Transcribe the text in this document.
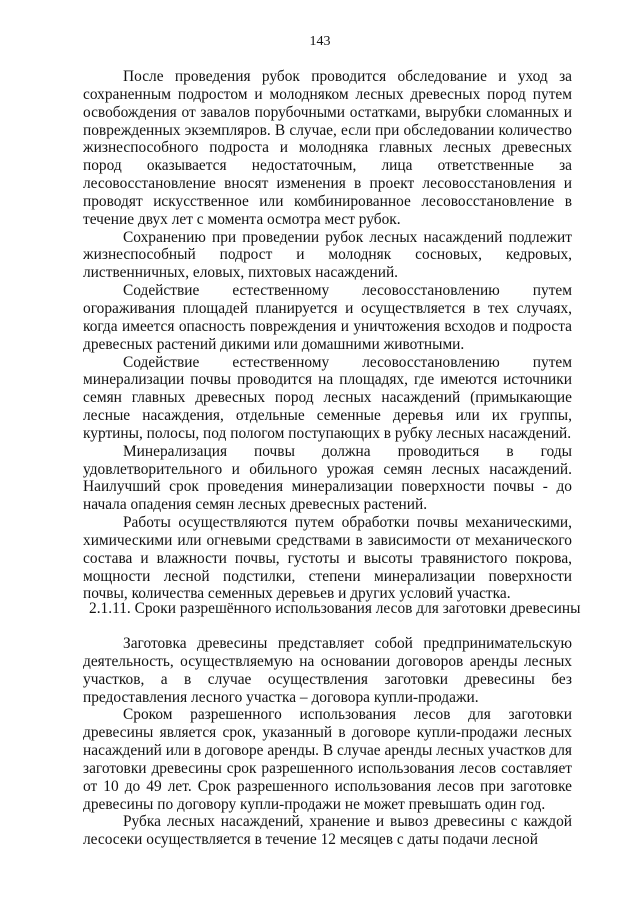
143

После проведения рубок проводится обследование и уход за сохраненным подростом и молодняком лесных древесных пород путем освобождения от завалов порубочными остатками, вырубки сломанных и поврежденных экземпляров. В случае, если при обследовании количество жизнеспособного подроста и молодняка главных лесных древесных пород оказывается недостаточным, лица ответственные за лесовосстановление вносят изменения в проект лесовосстановления и проводят искусственное или комбинированное лесовосстановление в течение двух лет с момента осмотра мест рубок.

Сохранению при проведении рубок лесных насаждений подлежит жизнеспособный подрост и молодняк сосновых, кедровых, лиственничных, еловых, пихтовых насаждений.

Содействие естественному лесовосстановлению путем огораживания площадей планируется и осуществляется в тех случаях, когда имеется опасность повреждения и уничтожения всходов и подроста древесных растений дикими или домашними животными.

Содействие естественному лесовосстановлению путем минерализации почвы проводится на площадях, где имеются источники семян главных древесных пород лесных насаждений (примыкающие лесные насаждения, отдельные семенные деревья или их группы, куртины, полосы, под пологом поступающих в рубку лесных насаждений.

Минерализация почвы должна проводиться в годы удовлетворительного и обильного урожая семян лесных насаждений. Наилучший срок проведения минерализации поверхности почвы - до начала опадения семян лесных древесных растений.

Работы осуществляются путем обработки почвы механическими, химическими или огневыми средствами в зависимости от механического состава и влажности почвы, густоты и высоты травянистого покрова, мощности лесной подстилки, степени минерализации поверхности почвы, количества семенных деревьев и других условий участка.

2.1.11. Сроки разрешённого использования лесов для заготовки древесины

Заготовка древесины представляет собой предпринимательскую деятельность, осуществляемую на основании договоров аренды лесных участков, а в случае осуществления заготовки древесины без предоставления лесного участка – договора купли-продажи.

Сроком разрешенного использования лесов для заготовки древесины является срок, указанный в договоре купли-продажи лесных насаждений или в договоре аренды. В случае аренды лесных участков для заготовки древесины срок разрешенного использования лесов составляет от 10 до 49 лет. Срок разрешенного использования лесов при заготовке древесины по договору купли-продажи не может превышать один год.

Рубка лесных насаждений, хранение и вывоз древесины с каждой лесосеки осуществляется в течение 12 месяцев с даты подачи лесной
